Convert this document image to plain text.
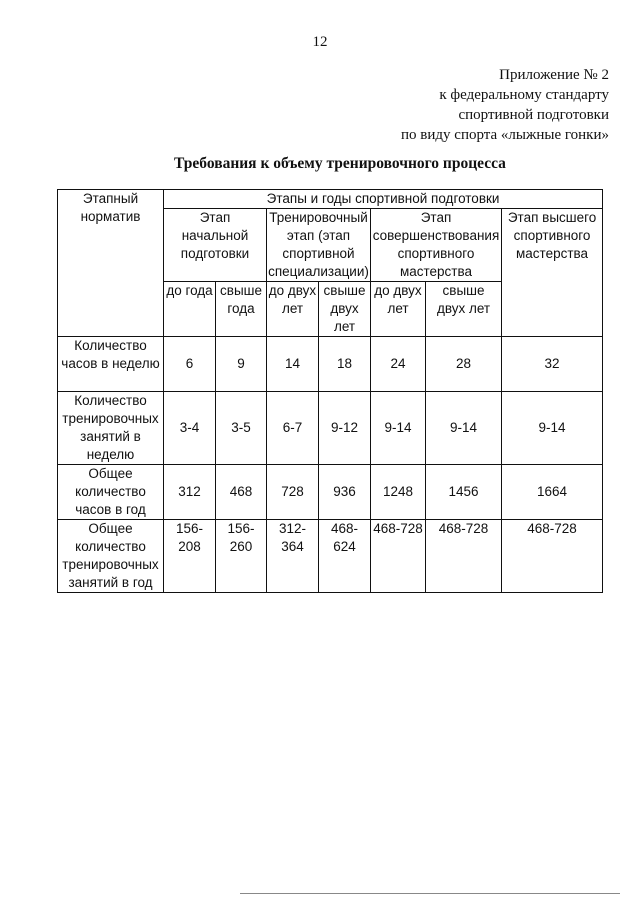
12
Приложение № 2
к федеральному стандарту
спортивной подготовки
по виду спорта «лыжные гонки»
Требования к объему тренировочного процесса
Этапный норматив	Этапы и годы спортивной подготовки						
	Этап начальной подготовки		Тренировочный этап (этап спортивной специализации)		Этап совершенствования спортивного мастерства		Этап высшего спортивного мастерства
	до года	свыше года	до двух лет	свыше двух лет	до двух лет	свыше двух лет	
Количество часов в неделю	6	9	14	18	24	28	32
Количество тренировочных занятий в неделю	3-4	3-5	6-7	9-12	9-14	9-14	9-14
Общее количество часов в год	312	468	728	936	1248	1456	1664
Общее количество тренировочных занятий в год	156-208	156-260	312-364	468-624	468-728	468-728	468-728
